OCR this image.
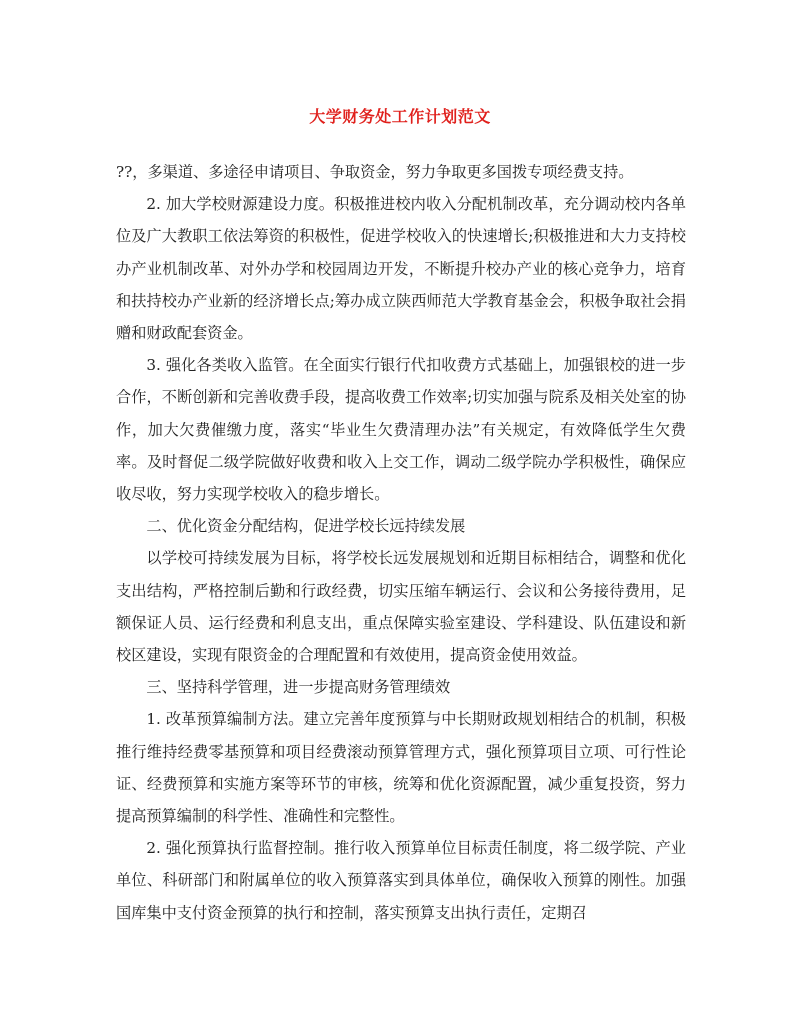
大学财务处工作计划范文

??，多渠道、多途径申请项目、争取资金，努力争取更多国拨专项经费支持。

2. 加大学校财源建设力度。积极推进校内收入分配机制改革，充分调动校内各单位及广大教职工依法筹资的积极性，促进学校收入的快速增长;积极推进和大力支持校办产业机制改革、对外办学和校园周边开发，不断提升校办产业的核心竞争力，培育和扶持校办产业新的经济增长点;筹办成立陕西师范大学教育基金会，积极争取社会捐赠和财政配套资金。

3. 强化各类收入监管。在全面实行银行代扣收费方式基础上，加强银校的进一步合作，不断创新和完善收费手段，提高收费工作效率;切实加强与院系及相关处室的协作，加大欠费催缴力度，落实“毕业生欠费清理办法”有关规定，有效降低学生欠费率。及时督促二级学院做好收费和收入上交工作，调动二级学院办学积极性，确保应收尽收，努力实现学校收入的稳步增长。

二、优化资金分配结构，促进学校长远持续发展

以学校可持续发展为目标，将学校长远发展规划和近期目标相结合，调整和优化支出结构，严格控制后勤和行政经费，切实压缩车辆运行、会议和公务接待费用，足额保证人员、运行经费和利息支出，重点保障实验室建设、学科建设、队伍建设和新校区建设，实现有限资金的合理配置和有效使用，提高资金使用效益。

三、坚持科学管理，进一步提高财务管理绩效

1. 改革预算编制方法。建立完善年度预算与中长期财政规划相结合的机制，积极推行维持经费零基预算和项目经费滚动预算管理方式，强化预算项目立项、可行性论证、经费预算和实施方案等环节的审核，统筹和优化资源配置，减少重复投资，努力提高预算编制的科学性、准确性和完整性。

2. 强化预算执行监督控制。推行收入预算单位目标责任制度，将二级学院、产业单位、科研部门和附属单位的收入预算落实到具体单位，确保收入预算的刚性。加强国库集中支付资金预算的执行和控制，落实预算支出执行责任，定期召
